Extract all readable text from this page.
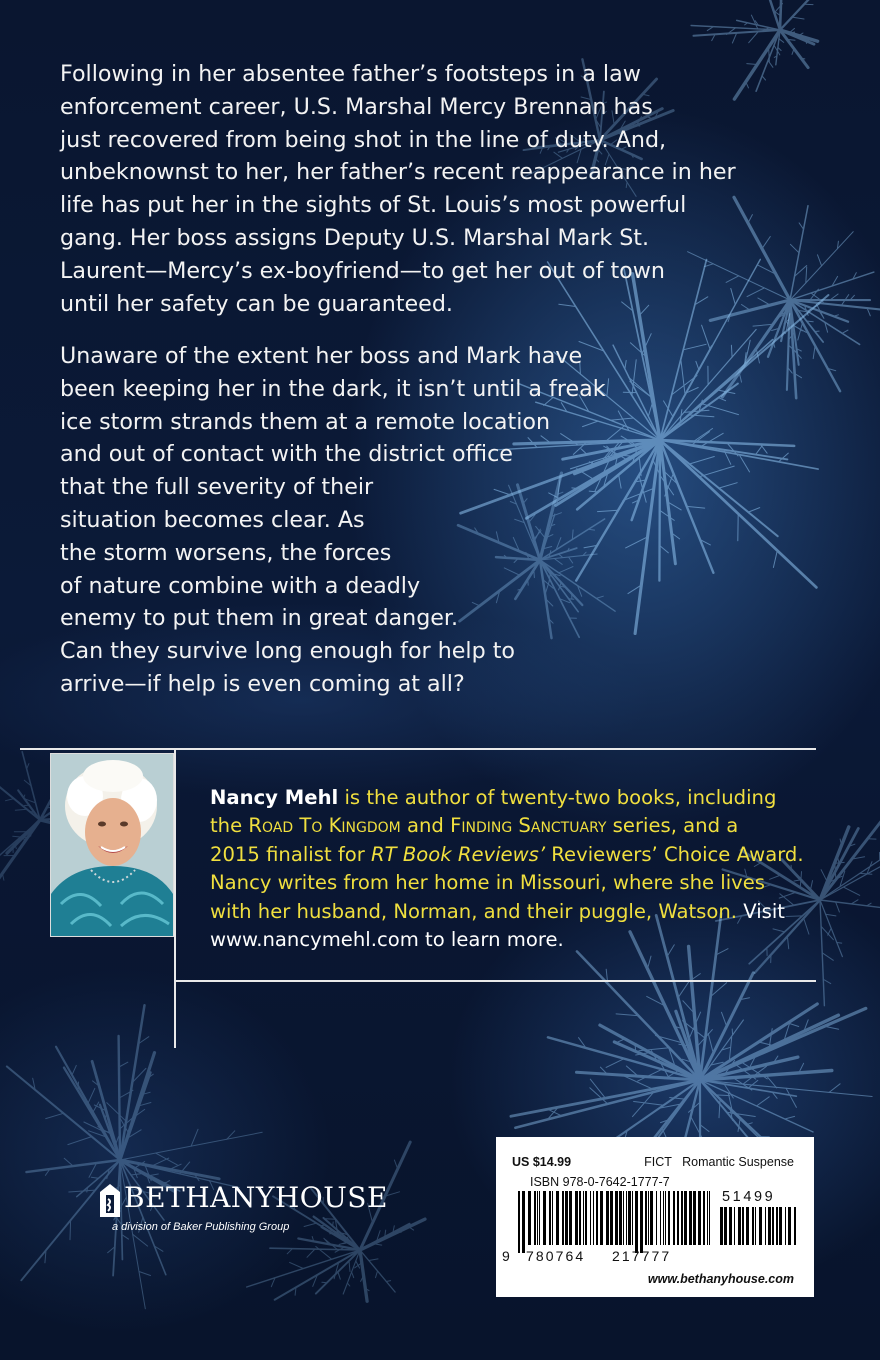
Following in her absentee father’s footsteps in a law
enforcement career, U.S. Marshal Mercy Brennan has
just recovered from being shot in the line of duty. And,
unbeknownst to her, her father’s recent reappearance in her
life has put her in the sights of St. Louis’s most powerful
gang. Her boss assigns Deputy U.S. Marshal Mark St.
Laurent—Mercy’s ex-boyfriend—to get her out of town
until her safety can be guaranteed.
Unaware of the extent her boss and Mark have
been keeping her in the dark, it isn’t until a freak
ice storm strands them at a remote location
and out of contact with the district office
that the full severity of their
situation becomes clear. As
the storm worsens, the forces
of nature combine with a deadly
enemy to put them in great danger.
Can they survive long enough for help to
arrive—if help is even coming at all?
Nancy Mehl is the author of twenty-two books, including
the Road To Kingdom and Finding Sanctuary series, and a
2015 finalist for RT Book Reviews’ Reviewers’ Choice Award.
Nancy writes from her home in Missouri, where she lives
with her husband, Norman, and their puggle, Watson. Visit
www.nancymehl.com to learn more.
BETHANYHOUSE
a division of Baker Publishing Group
US $14.99	FICT   Romantic Suspense
ISBN 978-0-7642-1777-7
51499
9 780764 217777
www.bethanyhouse.com
